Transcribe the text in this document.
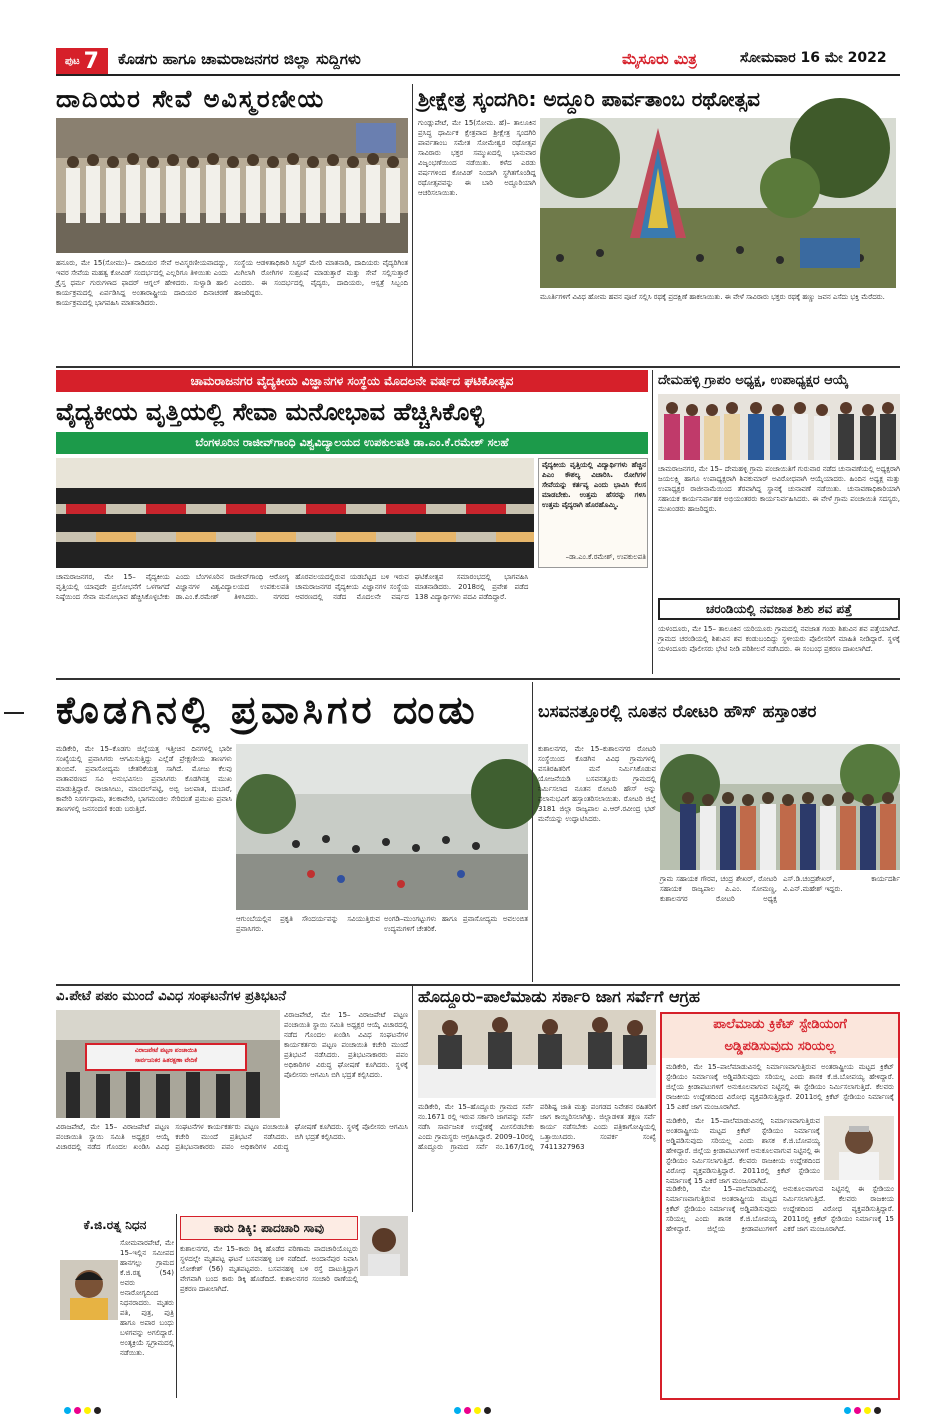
ಪುಟ 7 ಕೊಡಗು ಹಾಗೂ ಚಾಮರಾಜನಗರ ಜಿಲ್ಲಾ ಸುದ್ದಿಗಳು	ಮೈಸೂರು ಮಿತ್ರ	ಸೋಮವಾರ 16 ಮೇ 2022
ದಾದಿಯರ ಸೇವೆ ಅವಿಸ್ಮರಣೀಯ
ಹನೂರು, ಮೇ 15(ಸೋಮು)– ದಾದಿಯರ ಸೇವೆ ಅವಿಸ್ಮರಣೀಯವಾದದ್ದು, ಇವರ ಸೇವೆಯ ಮಹತ್ವ ಕೋವಿಡ್ ಸಂದರ್ಭದಲ್ಲಿ ಎಲ್ಲರಿಗೂ ತಿಳಿಯಿತು ಎಂದು ಕ್ರೈಸ್ತ ಧರ್ಮ ಗುರುಗಳಾದ ಫಾದರ್ ಆಗ್ನಲ್ ಹೇಳಿದರು. ಸುಳ್ವಾಡಿ ಹಾಲಿ ಕಾರ್ಯಕ್ರಮದಲ್ಲಿ ಏರ್ಪಡಿಸಿದ್ದ ಅಂತಾರಾಷ್ಟ್ರೀಯ ದಾದಿಯರ ದಿನಾಚರಣೆ ಕಾರ್ಯಕ್ರಮದಲ್ಲಿ ಭಾಗವಹಿಸಿ ಮಾತನಾಡಿದರು.
ಸಂಸ್ಥೆಯ ಆಡಳಿತಾಧಿಕಾರಿ ಸಿಸ್ಟರ್ ಮೇರಿ ಮಾತನಾಡಿ, ದಾದಿಯರು ವೈದ್ಯರಿಗಿಂತ ಮಿಗಿಲಾಗಿ ರೋಗಿಗಳ ಸುಶ್ರೂಷೆ ಮಾಡುತ್ತಾರೆ ಮತ್ತು ಸೇವೆ ಸಲ್ಲಿಸುತ್ತಾರೆ ಎಂದರು. ಈ ಸಂದರ್ಭದಲ್ಲಿ ವೈದ್ಯರು, ದಾದಿಯರು, ಆಸ್ಪತ್ರೆ ಸಿಬ್ಬಂದಿ ಹಾಜರಿದ್ದರು.
ಶ್ರೀಕ್ಷೇತ್ರ ಸ್ಕಂದಗಿರಿ: ಅದ್ದೂರಿ ಪಾರ್ವತಾಂಬ ರಥೋತ್ಸವ
ಗುಂಡ್ಲುಪೇಟೆ, ಮೇ 15(ಸೋಮ. ಹೆ)– ತಾಲೂಕಿನ ಪ್ರಸಿದ್ಧ ಧಾರ್ಮಿಕ ಕ್ಷೇತ್ರವಾದ ಶ್ರೀಕ್ಷೇತ್ರ ಸ್ಕಂದಗಿರಿ ಪಾರ್ವತಾಂಬ ಸಮೇತ ಸೋಮೇಶ್ವರ ರಥೋತ್ಸವ ಸಾವಿರಾರು ಭಕ್ತರ ಸಮ್ಮುಖದಲ್ಲಿ ಭಾನುವಾರ ವಿಜೃಂಭಣೆಯಿಂದ ನಡೆಯಿತು. ಕಳೆದ ಎರಡು ವರ್ಷಗಳಿಂದ ಕೋವಿಡ್ ನಿಂದಾಗಿ ಸ್ಥಗಿತಗೊಂಡಿದ್ದ ರಥೋತ್ಸವವನ್ನು ಈ ಬಾರಿ ಅದ್ದೂರಿಯಾಗಿ ಆಚರಿಸಲಾಯಿತು.
ಮೂರ್ತಿಗಳಿಗೆ ವಿವಿಧ ಹೋಮ ಹವನ ಪೂಜೆ ಸಲ್ಲಿಸಿ ರಥಕ್ಕೆ ಪ್ರದಕ್ಷಿಣೆ ಹಾಕಲಾಯಿತು. ಈ ವೇಳೆ ಸಾವಿರಾರು ಭಕ್ತರು ರಥಕ್ಕೆ ಹಣ್ಣು ಜವನ ಎಸೆದು ಭಕ್ತಿ ಮೆರೆದರು.
ಚಾಮರಾಜನಗರ ವೈದ್ಯಕೀಯ ವಿಜ್ಞಾನಗಳ ಸಂಸ್ಥೆಯ ಮೊದಲನೇ ವರ್ಷದ ಘಟಿಕೋತ್ಸವ
ವೈದ್ಯಕೀಯ ವೃತ್ತಿಯಲ್ಲಿ ಸೇವಾ ಮನೋಭಾವ ಹೆಚ್ಚಿಸಿಕೊಳ್ಳಿ
ಬೆಂಗಳೂರಿನ ರಾಜೀವ್‌ಗಾಂಧಿ ವಿಶ್ವವಿದ್ಯಾಲಯದ ಉಪಕುಲಪತಿ ಡಾ.ಎಂ.ಕೆ.ರಮೇಶ್ ಸಲಹೆ
ವೈದ್ಯಕೀಯ ವೃತ್ತಿಯಲ್ಲಿ ವಿದ್ಯಾರ್ಥಿಗಳು ಹೆಚ್ಚಿನ ಪಿಎಂ ಕೌಶಲ್ಯ ವಿಚಾರಿಸಿ. ರೋಗಿಗಳ ಸೇವೆಯನ್ನು ಕರ್ತವ್ಯ ಎಂದು ಭಾವಿಸಿ ಕೆಲಸ ಮಾಡಬೇಕು. ಉತ್ತಮ ಹೆಸರನ್ನು ಗಳಿಸಿ ಉತ್ತಮ ವೈದ್ಯರಾಗಿ ಹೊರಹೊಮ್ಮಿ.
–ಡಾ.ಎಂ.ಕೆ.ರಮೇಶ್, ಉಪಕುಲಪತಿ
ಚಾಮರಾಜನಗರ, ಮೇ 15– ವೈದ್ಯಕೀಯ ವೃತ್ತಿಯಲ್ಲಿ ಯಾವುದೇ ಪ್ರಲೋಭನೆಗೆ ಒಳಗಾಗದೆ ನಿಷ್ಠೆಯಿಂದ ಸೇವಾ ಮನೋಭಾವ ಹೆಚ್ಚಿಸಿಕೊಳ್ಳಬೇಕು ಎಂದು ಬೆಂಗಳೂರಿನ ರಾಜೀವ್‌ಗಾಂಧಿ ಆರೋಗ್ಯ ವಿಜ್ಞಾನಗಳ ವಿಶ್ವವಿದ್ಯಾಲಯದ ಉಪಕುಲಪತಿ ಡಾ.ಎಂ.ಕೆ.ರಮೇಶ್ ತಿಳಿಸಿದರು. ನಗರದ ಹೊರವಲಯದಲ್ಲಿರುವ ಯಡಬೆಟ್ಟದ ಬಳಿ ಇರುವ ಚಾಮರಾಜನಗರ ವೈದ್ಯಕೀಯ ವಿಜ್ಞಾನಗಳ ಸಂಸ್ಥೆಯ ಆವರಣದಲ್ಲಿ ನಡೆದ ಮೊದಲನೇ ವರ್ಷದ ಘಟಿಕೋತ್ಸವ ಸಮಾರಂಭದಲ್ಲಿ ಭಾಗವಹಿಸಿ ಮಾತನಾಡಿದರು. 2018ರಲ್ಲಿ ಪ್ರವೇಶ ಪಡೆದ 138 ವಿದ್ಯಾರ್ಥಿಗಳು ಪದವಿ ಪಡೆದಿದ್ದಾರೆ.
ದೇಮಹಳ್ಳಿ ಗ್ರಾಪಂ ಅಧ್ಯಕ್ಷ, ಉಪಾಧ್ಯಕ್ಷರ ಆಯ್ಕೆ
ಚಾಮರಾಜನಗರ, ಮೇ 15– ದೇಮಹಳ್ಳಿ ಗ್ರಾಮ ಪಂಚಾಯಿತಿಗೆ ಗುರುವಾರ ನಡೆದ ಚುನಾವಣೆಯಲ್ಲಿ ಅಧ್ಯಕ್ಷರಾಗಿ ಜಯಲಕ್ಷ್ಮಿ ಹಾಗೂ ಉಪಾಧ್ಯಕ್ಷರಾಗಿ ಶಿವಕುಮಾರ್ ಅವಿರೋಧವಾಗಿ ಆಯ್ಕೆಯಾದರು. ಹಿಂದಿನ ಅಧ್ಯಕ್ಷ ಮತ್ತು ಉಪಾಧ್ಯಕ್ಷರ ರಾಜೀನಾಮೆಯಿಂದ ತೆರವಾಗಿದ್ದ ಸ್ಥಾನಕ್ಕೆ ಚುನಾವಣೆ ನಡೆಯಿತು. ಚುನಾವಣಾಧಿಕಾರಿಯಾಗಿ ಸಹಾಯಕ ಕಾರ್ಯನಿರ್ವಾಹಕ ಅಭಿಯಂತರರು ಕಾರ್ಯನಿರ್ವಹಿಸಿದರು. ಈ ವೇಳೆ ಗ್ರಾಮ ಪಂಚಾಯಿತಿ ಸದಸ್ಯರು, ಮುಖಂಡರು ಹಾಜರಿದ್ದರು.
ಚರಂಡಿಯಲ್ಲಿ ನವಜಾತ ಶಿಶು ಶವ ಪತ್ತೆ
ಯಳಂದೂರು, ಮೇ 15– ತಾಲೂಕಿನ ಯರಿಯೂರು ಗ್ರಾಮದಲ್ಲಿ ನವಜಾತ ಗಂಡು ಶಿಶುವಿನ ಶವ ಪತ್ತೆಯಾಗಿದೆ. ಗ್ರಾಮದ ಚರಂಡಿಯಲ್ಲಿ ಶಿಶುವಿನ ಶವ ಕಂಡುಬಂದಿದ್ದು ಸ್ಥಳೀಯರು ಪೊಲೀಸರಿಗೆ ಮಾಹಿತಿ ನೀಡಿದ್ದಾರೆ. ಸ್ಥಳಕ್ಕೆ ಯಳಂದೂರು ಪೊಲೀಸರು ಭೇಟಿ ನೀಡಿ ಪರಿಶೀಲನೆ ನಡೆಸಿದರು. ಈ ಸಂಬಂಧ ಪ್ರಕರಣ ದಾಖಲಾಗಿದೆ.
ಕೊಡಗಿನಲ್ಲಿ ಪ್ರವಾಸಿಗರ ದಂಡು
ಮಡಿಕೇರಿ, ಮೇ 15–ಕೊಡಗು ಜಿಲ್ಲೆಯತ್ತ ಇತ್ತೀಚಿನ ದಿನಗಳಲ್ಲಿ ಭಾರೀ ಸಂಖ್ಯೆಯಲ್ಲಿ ಪ್ರವಾಸಿಗರು ಆಗಮಿಸುತ್ತಿದ್ದು ಎಲ್ಲೆಡೆ ಪ್ರೇಕ್ಷಣೀಯ ತಾಣಗಳು ತುಂಬಿವೆ. ಪ್ರವಾಸೋದ್ಯಮ ಚೇತರಿಕೆಯತ್ತ ಸಾಗಿದೆ. ಮೋಜು ಕೆಲವು ವಾತಾವರಣದ ಸವಿ ಅನುಭವಿಸಲು ಪ್ರವಾಸಿಗರು ಕೊಡಗಿನತ್ತ ಮುಖ ಮಾಡುತ್ತಿದ್ದಾರೆ. ರಾಜಾಸೀಟು, ಮಾಂದಲ್‌ಪಟ್ಟಿ, ಅಬ್ಬಿ ಜಲಪಾತ, ದುಬಾರೆ, ಕಾವೇರಿ ನಿಸರ್ಗಧಾಮ, ತಲಕಾವೇರಿ, ಭಾಗಮಂಡಲ ಸೇರಿದಂತೆ ಪ್ರಮುಖ ಪ್ರವಾಸಿ ತಾಣಗಳಲ್ಲಿ ಜನಸಂದಣಿ ಕಂಡು ಬರುತ್ತಿದೆ.
ಆಗುಂಬೆಯಲ್ಲಿನ ಪ್ರಕೃತಿ ಸೌಂದರ್ಯವನ್ನು ಸವಿಯುತ್ತಿರುವ ಪ್ರವಾಸಿಗರು.
ಅಂಗಡಿ–ಮುಂಗಟ್ಟುಗಳು ಹಾಗೂ ಪ್ರವಾಸೋದ್ಯಮ ಅವಲಂಬಿತ ಉದ್ಯಮಗಳಿಗೆ ಚೇತರಿಕೆ.
ಬಸವನತ್ತೂರಲ್ಲಿ ನೂತನ ರೋಟರಿ ಹೌಸ್ ಹಸ್ತಾಂತರ
ಕುಶಾಲನಗರ, ಮೇ 15–ಕುಶಾಲನಗರ ರೋಟರಿ ಸಂಸ್ಥೆಯಿಂದ ಕೊಡಗಿನ ವಿವಿಧ ಗ್ರಾಮಗಳಲ್ಲಿ ವಸತಿರಹಿತರಿಗೆ ಮನೆ ನಿರ್ಮಿಸಿಕೊಡುವ ಯೋಜನೆಯಡಿ ಬಸವನತ್ತೂರು ಗ್ರಾಮದಲ್ಲಿ ನಿರ್ಮಿಸಲಾದ ನೂತನ ರೋಟರಿ ಹೌಸ್ ಅನ್ನು ಫಲಾನುಭವಿಗೆ ಹಸ್ತಾಂತರಿಸಲಾಯಿತು. ರೋಟರಿ ಜಿಲ್ಲೆ 3181 ಜಿಲ್ಲಾ ರಾಜ್ಯಪಾಲ ಎ.ಆರ್.ರವೀಂದ್ರ ಭಟ್ ಮನೆಯನ್ನು ಉದ್ಘಾಟಿಸಿದರು.
ಗ್ರಾಮ ಸಹಾಯಕ ಗೌರವ, ಚಂದ್ರ ಶೇಖರ್, ರೋಟರಿ ಸಹಾಯಕ ರಾಜ್ಯಪಾಲ ಪಿ.ಎಂ. ಸೋಮಣ್ಣ, ಕುಶಾಲನಗರ ರೋಟರಿ ಅಧ್ಯಕ್ಷ ಎಸ್.ಡಿ.ಚಂದ್ರಶೇಖರ್, ಕಾರ್ಯದರ್ಶಿ ವಿ.ಎನ್.ಮಹೇಶ್ ಇದ್ದರು.
ವಿ.ಪೇಟೆ ಪಪಂ ಮುಂದೆ ವಿವಿಧ ಸಂಘಟನೆಗಳ ಪ್ರತಿಭಟನೆ
ವಿರಾಜಪೇಟೆ ಪಟ್ಟಣ ಪಂಚಾಯಿತಿ
ಸಾರ್ವಜನಿಕರ ಹಿತರಕ್ಷಣಾ ವೇದಿಕೆ
ವಿರಾಜಪೇಟೆ, ಮೇ 15– ವಿರಾಜಪೇಟೆ ಪಟ್ಟಣ ಪಂಚಾಯಿತಿ ಸ್ಥಾಯಿ ಸಮಿತಿ ಅಧ್ಯಕ್ಷರ ಆಯ್ಕೆ ವಿಚಾರದಲ್ಲಿ ನಡೆದ ಗೊಂದಲ ಖಂಡಿಸಿ ವಿವಿಧ ಸಂಘಟನೆಗಳ ಕಾರ್ಯಕರ್ತರು ಪಟ್ಟಣ ಪಂಚಾಯಿತಿ ಕಚೇರಿ ಮುಂದೆ ಪ್ರತಿಭಟನೆ ನಡೆಸಿದರು. ಪ್ರತಿಭಟನಾಕಾರರು ಪಪಂ ಅಧಿಕಾರಿಗಳ ವಿರುದ್ಧ ಘೋಷಣೆ ಕೂಗಿದರು. ಸ್ಥಳಕ್ಕೆ ಪೊಲೀಸರು ಆಗಮಿಸಿ ಬಿಗಿ ಭದ್ರತೆ ಕಲ್ಪಿಸಿದರು.
ವಿರಾಜಪೇಟೆ, ಮೇ 15– ವಿರಾಜಪೇಟೆ ಪಟ್ಟಣ ಪಂಚಾಯಿತಿ ಸ್ಥಾಯಿ ಸಮಿತಿ ಅಧ್ಯಕ್ಷರ ಆಯ್ಕೆ ವಿಚಾರದಲ್ಲಿ ನಡೆದ ಗೊಂದಲ ಖಂಡಿಸಿ ವಿವಿಧ ಸಂಘಟನೆಗಳ ಕಾರ್ಯಕರ್ತರು ಪಟ್ಟಣ ಪಂಚಾಯಿತಿ ಕಚೇರಿ ಮುಂದೆ ಪ್ರತಿಭಟನೆ ನಡೆಸಿದರು. ಪ್ರತಿಭಟನಾಕಾರರು ಪಪಂ ಅಧಿಕಾರಿಗಳ ವಿರುದ್ಧ ಘೋಷಣೆ ಕೂಗಿದರು. ಸ್ಥಳಕ್ಕೆ ಪೊಲೀಸರು ಆಗಮಿಸಿ ಬಿಗಿ ಭದ್ರತೆ ಕಲ್ಪಿಸಿದರು.
ಹೊದ್ದೂರು–ಪಾಲೆಮಾಡು ಸರ್ಕಾರಿ ಜಾಗ ಸರ್ವೆಗೆ ಆಗ್ರಹ
ಮಡಿಕೇರಿ, ಮೇ 15–ಹೊದ್ದೂರು ಗ್ರಾಮದ ಸರ್ವೆ ನಂ.1671 ರಲ್ಲಿ ಇರುವ ಸರ್ಕಾರಿ ಜಾಗವನ್ನು ಸರ್ವೆ ನಡೆಸಿ ಸಾರ್ವಜನಿಕ ಉದ್ದೇಶಕ್ಕೆ ಮೀಸಲಿಡಬೇಕು ಎಂದು ಗ್ರಾಮಸ್ಥರು ಆಗ್ರಹಿಸಿದ್ದಾರೆ. 2009–10ರಲ್ಲಿ ಹೊದ್ದೂರು ಗ್ರಾಮದ ಸರ್ವೆ ನಂ.167/1ರಲ್ಲಿ ಪರಿಶಿಷ್ಟ ಜಾತಿ ಮತ್ತು ಪಂಗಡದ ನಿವೇಶನ ರಹಿತರಿಗೆ ಜಾಗ ಕಾಯ್ದಿರಿಸಲಾಗಿತ್ತು. ಜಿಲ್ಲಾಡಳಿತ ತಕ್ಷಣ ಸರ್ವೆ ಕಾರ್ಯ ನಡೆಸಬೇಕು ಎಂದು ಪತ್ರಿಕಾಗೋಷ್ಠಿಯಲ್ಲಿ ಒತ್ತಾಯಿಸಿದರು. ಸಂಪರ್ಕ ಸಂಖ್ಯೆ 7411327963
ಪಾಲೆಮಾಡು ಕ್ರಿಕೆಟ್ ಸ್ಟೇಡಿಯಂಗೆ
ಅಡ್ಡಿಪಡಿಸುವುದು ಸರಿಯಲ್ಲ
ಮಡಿಕೇರಿ, ಮೇ 15–ಪಾಲೆಮಾಡುವಿನಲ್ಲಿ ನಿರ್ಮಾಣವಾಗುತ್ತಿರುವ ಅಂತರಾಷ್ಟ್ರೀಯ ಮಟ್ಟದ ಕ್ರಿಕೆಟ್ ಸ್ಟೇಡಿಯಂ ನಿರ್ಮಾಣಕ್ಕೆ ಅಡ್ಡಿಪಡಿಸುವುದು ಸರಿಯಲ್ಲ ಎಂದು ಶಾಸಕ ಕೆ.ಜಿ.ಬೋಪಯ್ಯ ಹೇಳಿದ್ದಾರೆ. ಜಿಲ್ಲೆಯ ಕ್ರೀಡಾಪಟುಗಳಿಗೆ ಅನುಕೂಲವಾಗುವ ನಿಟ್ಟಿನಲ್ಲಿ ಈ ಸ್ಟೇಡಿಯಂ ನಿರ್ಮಿಸಲಾಗುತ್ತಿದೆ. ಕೆಲವರು ರಾಜಕೀಯ ಉದ್ದೇಶದಿಂದ ವಿರೋಧ ವ್ಯಕ್ತಪಡಿಸುತ್ತಿದ್ದಾರೆ. 2011ರಲ್ಲಿ ಕ್ರಿಕೆಟ್ ಸ್ಟೇಡಿಯಂ ನಿರ್ಮಾಣಕ್ಕೆ 15 ಎಕರೆ ಜಾಗ ಮಂಜೂರಾಗಿದೆ.
ಮಡಿಕೇರಿ, ಮೇ 15–ಪಾಲೆಮಾಡುವಿನಲ್ಲಿ ನಿರ್ಮಾಣವಾಗುತ್ತಿರುವ ಅಂತರಾಷ್ಟ್ರೀಯ ಮಟ್ಟದ ಕ್ರಿಕೆಟ್ ಸ್ಟೇಡಿಯಂ ನಿರ್ಮಾಣಕ್ಕೆ ಅಡ್ಡಿಪಡಿಸುವುದು ಸರಿಯಲ್ಲ ಎಂದು ಶಾಸಕ ಕೆ.ಜಿ.ಬೋಪಯ್ಯ ಹೇಳಿದ್ದಾರೆ. ಜಿಲ್ಲೆಯ ಕ್ರೀಡಾಪಟುಗಳಿಗೆ ಅನುಕೂಲವಾಗುವ ನಿಟ್ಟಿನಲ್ಲಿ ಈ ಸ್ಟೇಡಿಯಂ ನಿರ್ಮಿಸಲಾಗುತ್ತಿದೆ. ಕೆಲವರು ರಾಜಕೀಯ ಉದ್ದೇಶದಿಂದ ವಿರೋಧ ವ್ಯಕ್ತಪಡಿಸುತ್ತಿದ್ದಾರೆ. 2011ರಲ್ಲಿ ಕ್ರಿಕೆಟ್ ಸ್ಟೇಡಿಯಂ ನಿರ್ಮಾಣಕ್ಕೆ 15 ಎಕರೆ ಜಾಗ ಮಂಜೂರಾಗಿದೆ.
ಮಡಿಕೇರಿ, ಮೇ 15–ಪಾಲೆಮಾಡುವಿನಲ್ಲಿ ನಿರ್ಮಾಣವಾಗುತ್ತಿರುವ ಅಂತರಾಷ್ಟ್ರೀಯ ಮಟ್ಟದ ಕ್ರಿಕೆಟ್ ಸ್ಟೇಡಿಯಂ ನಿರ್ಮಾಣಕ್ಕೆ ಅಡ್ಡಿಪಡಿಸುವುದು ಸರಿಯಲ್ಲ ಎಂದು ಶಾಸಕ ಕೆ.ಜಿ.ಬೋಪಯ್ಯ ಹೇಳಿದ್ದಾರೆ. ಜಿಲ್ಲೆಯ ಕ್ರೀಡಾಪಟುಗಳಿಗೆ ಅನುಕೂಲವಾಗುವ ನಿಟ್ಟಿನಲ್ಲಿ ಈ ಸ್ಟೇಡಿಯಂ ನಿರ್ಮಿಸಲಾಗುತ್ತಿದೆ. ಕೆಲವರು ರಾಜಕೀಯ ಉದ್ದೇಶದಿಂದ ವಿರೋಧ ವ್ಯಕ್ತಪಡಿಸುತ್ತಿದ್ದಾರೆ. 2011ರಲ್ಲಿ ಕ್ರಿಕೆಟ್ ಸ್ಟೇಡಿಯಂ ನಿರ್ಮಾಣಕ್ಕೆ 15 ಎಕರೆ ಜಾಗ ಮಂಜೂರಾಗಿದೆ.
ಕೆ.ಜಿ.ರತ್ನ ನಿಧನ
ಸೋಮವಾರಪೇಟೆ, ಮೇ 15–ಇಲ್ಲಿನ ಸಮೀಪದ ಹಾನಗಲ್ಲು ಗ್ರಾಮದ ಕೆ.ಜಿ.ರತ್ನ (54) ಅವರು ಅನಾರೋಗ್ಯದಿಂದ ನಿಧನರಾದರು. ಮೃತರು ಪತಿ, ಪುತ್ರ, ಪುತ್ರಿ ಹಾಗೂ ಅಪಾರ ಬಂಧು ಬಳಗವನ್ನು ಅಗಲಿದ್ದಾರೆ. ಅಂತ್ಯಕ್ರಿಯೆ ಸ್ವಗ್ರಾಮದಲ್ಲಿ ನಡೆಯಿತು.
ಕಾರು ಡಿಕ್ಕಿ: ಪಾದಚಾರಿ ಸಾವು
ಕುಶಾಲನಗರ, ಮೇ 15–ಕಾರು ಡಿಕ್ಕಿ ಹೊಡೆದ ಪರಿಣಾಮ ಪಾದಚಾರಿಯೊಬ್ಬರು ಸ್ಥಳದಲ್ಲೇ ಮೃತಪಟ್ಟ ಘಟನೆ ಬಸವನಹಳ್ಳಿ ಬಳಿ ನಡೆದಿದೆ. ಅಂದಾನೆಪುರ ನಿವಾಸಿ ಲೋಕೇಶ್ (56) ಮೃತಪಟ್ಟವರು. ಬಸವನಹಳ್ಳಿ ಬಳಿ ರಸ್ತೆ ದಾಟುತ್ತಿದ್ದಾಗ ವೇಗವಾಗಿ ಬಂದ ಕಾರು ಡಿಕ್ಕಿ ಹೊಡೆದಿದೆ. ಕುಶಾಲನಗರ ಸಂಚಾರಿ ಠಾಣೆಯಲ್ಲಿ ಪ್ರಕರಣ ದಾಖಲಾಗಿದೆ.
